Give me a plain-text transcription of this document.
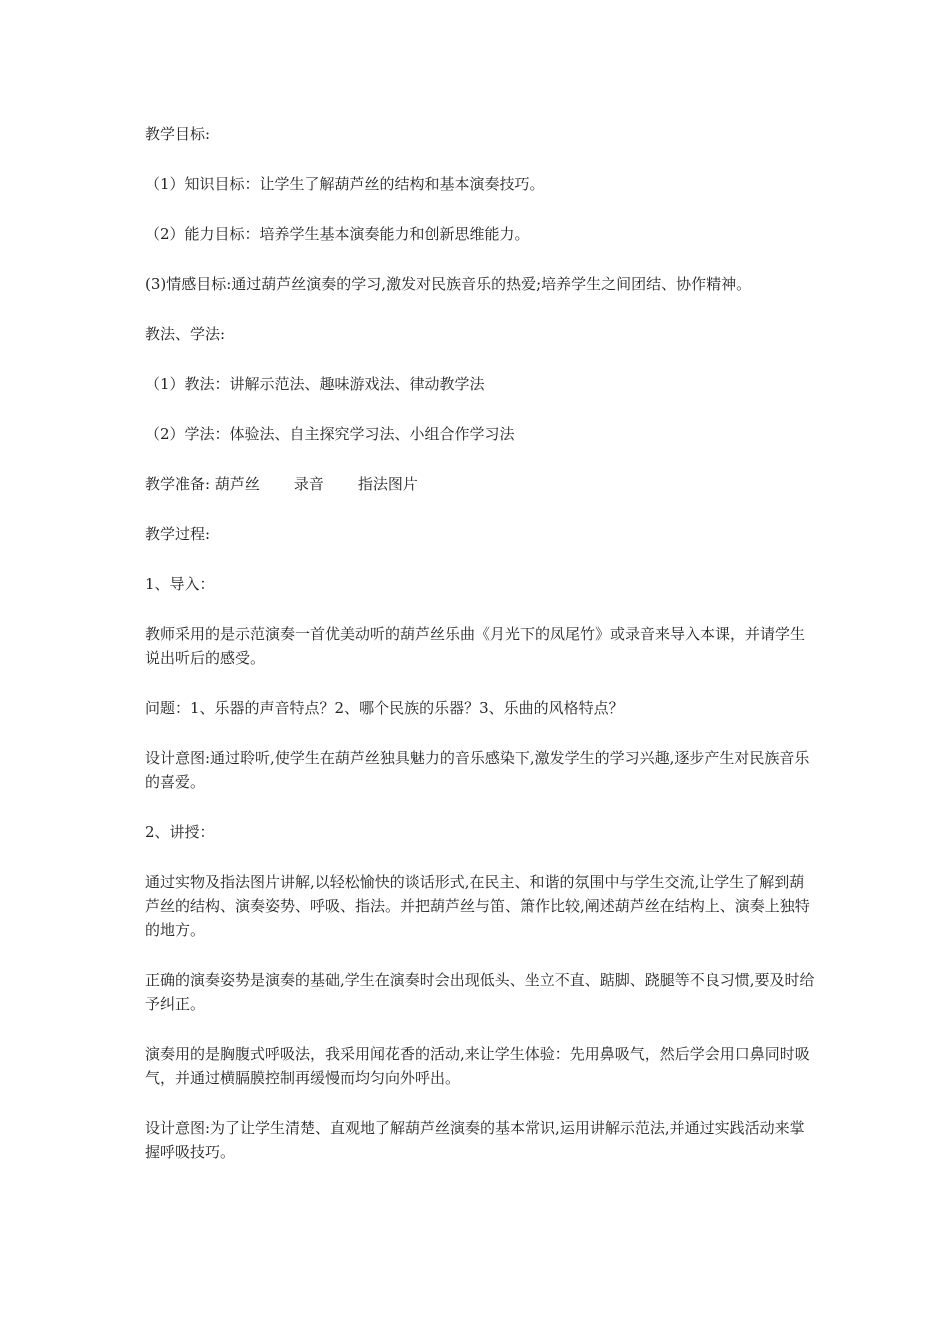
教学目标:

（1）知识目标：让学生了解葫芦丝的结构和基本演奏技巧。

（2）能力目标：培养学生基本演奏能力和创新思维能力。

(3)情感目标:通过葫芦丝演奏的学习,激发对民族音乐的热爱;培养学生之间团结、协作精神。

教法、学法:

（1）教法：讲解示范法、趣味游戏法、律动教学法

（2）学法：体验法、自主探究学习法、小组合作学习法

教学准备: 葫芦丝 录音 指法图片

教学过程:

1、导入：

教师采用的是示范演奏一首优美动听的葫芦丝乐曲《月光下的凤尾竹》或录音来导入本课，并请学生说出听后的感受。

问题：1、乐器的声音特点？2、哪个民族的乐器？3、乐曲的风格特点？

设计意图:通过聆听,使学生在葫芦丝独具魅力的音乐感染下,激发学生的学习兴趣,逐步产生对民族音乐的喜爱。

2、讲授：

通过实物及指法图片讲解,以轻松愉快的谈话形式,在民主、和谐的氛围中与学生交流,让学生了解到葫芦丝的结构、演奏姿势、呼吸、指法。并把葫芦丝与笛、箫作比较,阐述葫芦丝在结构上、演奏上独特的地方。

正确的演奏姿势是演奏的基础,学生在演奏时会出现低头、坐立不直、踮脚、跷腿等不良习惯,要及时给予纠正。

演奏用的是胸腹式呼吸法，我采用闻花香的活动,来让学生体验：先用鼻吸气，然后学会用口鼻同时吸气，并通过横膈膜控制再缓慢而均匀向外呼出。

设计意图:为了让学生清楚、直观地了解葫芦丝演奏的基本常识,运用讲解示范法,并通过实践活动来掌握呼吸技巧。
